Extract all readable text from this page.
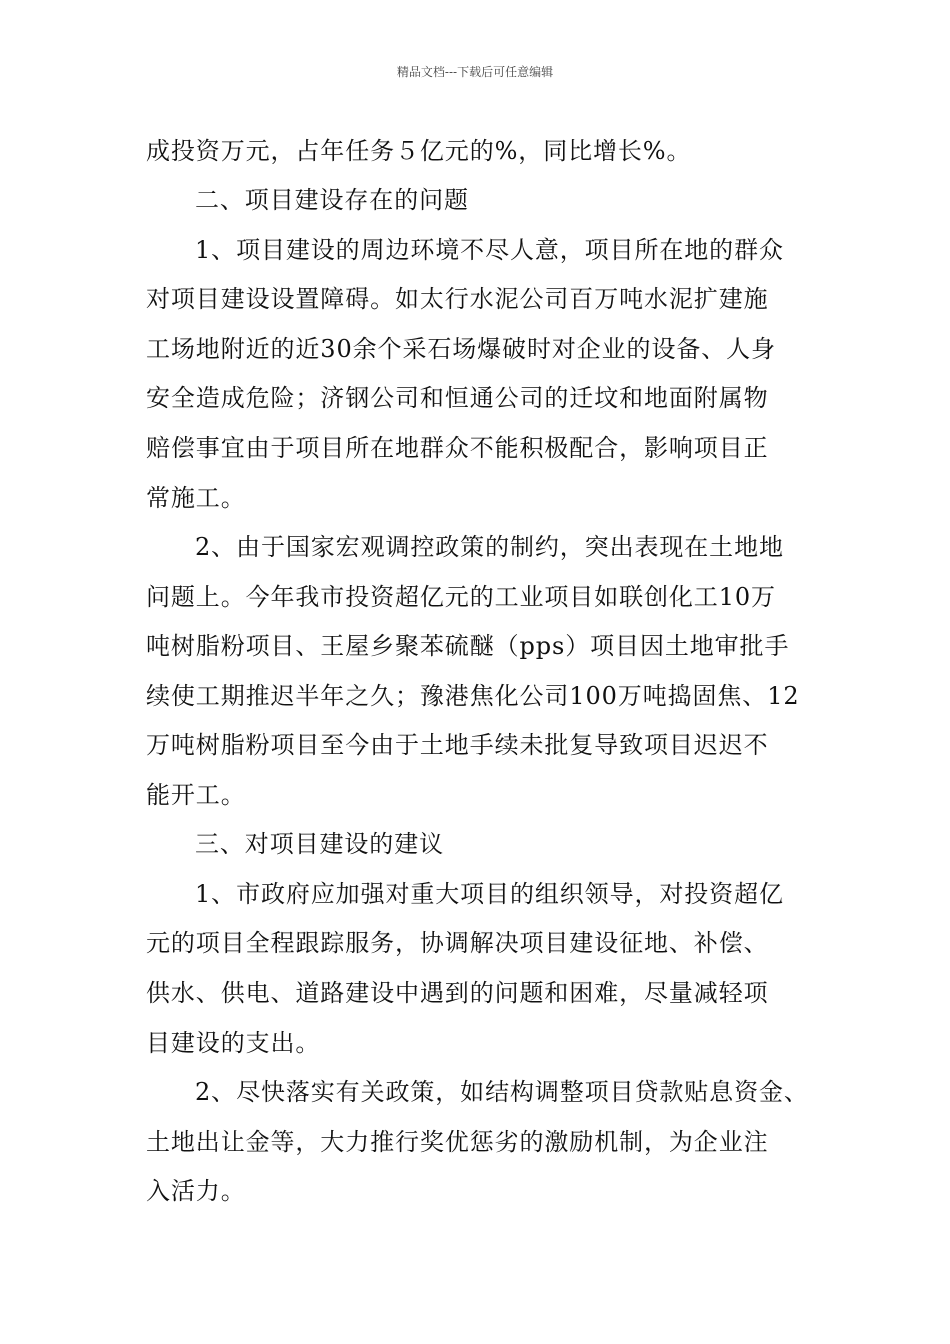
精品文档---下载后可任意编辑
成投资万元，占年任务５亿元的%，同比增长%。
二、项目建设存在的问题
1、项目建设的周边环境不尽人意，项目所在地的群众
对项目建设设置障碍。如太行水泥公司百万吨水泥扩建施
工场地附近的近30余个采石场爆破时对企业的设备、人身
安全造成危险；济钢公司和恒通公司的迁坟和地面附属物
赔偿事宜由于项目所在地群众不能积极配合，影响项目正
常施工。
2、由于国家宏观调控政策的制约，突出表现在土地地
问题上。今年我市投资超亿元的工业项目如联创化工10万
吨树脂粉项目、王屋乡聚苯硫醚（pps）项目因土地审批手
续使工期推迟半年之久；豫港焦化公司100万吨捣固焦、12
万吨树脂粉项目至今由于土地手续未批复导致项目迟迟不
能开工。
三、对项目建设的建议
1、市政府应加强对重大项目的组织领导，对投资超亿
元的项目全程跟踪服务，协调解决项目建设征地、补偿、
供水、供电、道路建设中遇到的问题和困难，尽量减轻项
目建设的支出。
2、尽快落实有关政策，如结构调整项目贷款贴息资金、
土地出让金等，大力推行奖优惩劣的激励机制，为企业注
入活力。
